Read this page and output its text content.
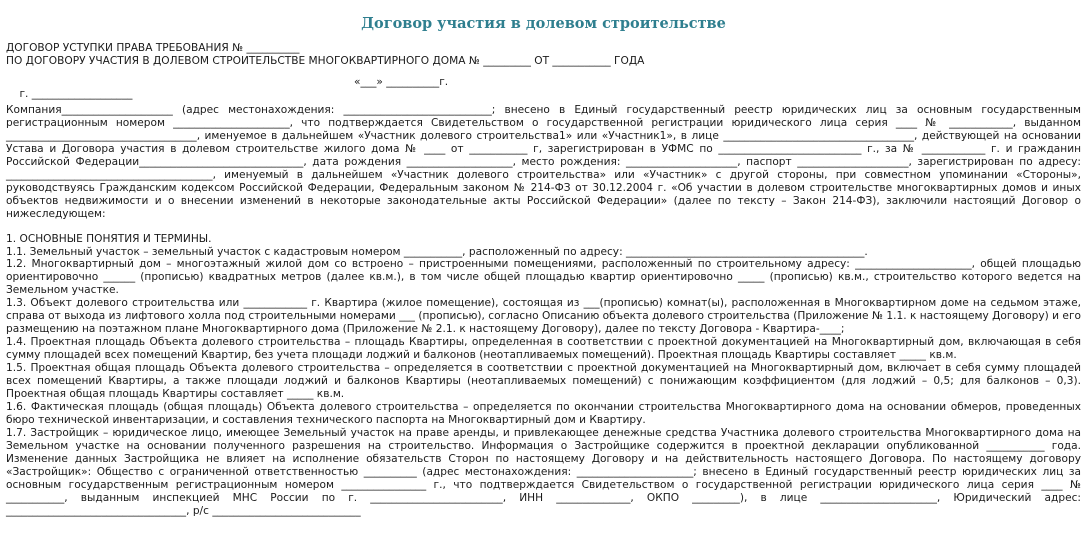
Договор участия в долевом строительстве
ДОГОВОР УСТУПКИ ПРАВА ТРЕБОВАНИЯ № __________
ПО ДОГОВОРУ УЧАСТИЯ В ДОЛЕВОМ СТРОИТЕЛЬСТВЕ МНОГОКВАРТИРНОГО ДОМА № _________ ОТ ___________ ГОДА

г. ___________________

«___» __________г.

Компания_____________________ (адрес местонахождения: ____________________________; внесено в Единый государственный реестр юридических лиц за основным государственным регистрационным номером ______________________, что подтверждается Свидетельством о государственной регистрации юридического лица серия ____ № ____________, выданном ____________________________________, именуемое в дальнейшем «Участник долевого строительства1» или «Участник1», в лице ____________________________________, действующей на основании Устава и Договора участия в долевом строительстве жилого дома № ____ от ___________ г, зарегистрирован в УФМС по ___________________________ г., за № ____________ г. и гражданин Российской Федерации_______________________________, дата рождения ____________________, место рождения: _____________________, паспорт _____________________, зарегистрирован по адресу: _______________________________________, именуемый в дальнейшем «Участник долевого строительства» или «Участник» с другой стороны, при совместном упоминании «Стороны», руководствуясь Гражданским кодексом Российской Федерации, Федеральным законом № 214-ФЗ от 30.12.2004 г. «Об участии в долевом строительстве многоквартирных домов и иных объектов недвижимости и о внесении изменений в некоторые законодательные акты Российской Федерации» (далее по тексту – Закон 214-ФЗ), заключили настоящий Договор о нижеследующем:

1. ОСНОВНЫЕ ПОНЯТИЯ И ТЕРМИНЫ.

1.1. Земельный участок – земельный участок с кадастровым номером ___________, расположенный по адресу: _____________________________________________.

1.2. Многоквартирный дом – многоэтажный жилой дом со встроено – пристроенными помещениями, расположенный по строительному адресу: ______________________, общей площадью ориентировочно ______ (прописью) квадратных метров (далее кв.м.), в том числе общей площадью квартир ориентировочно _____ (прописью) кв.м., строительство которого ведется на Земельном участке.

1.3. Объект долевого строительства или ____________ г. Квартира (жилое помещение), состоящая из ___(прописью) комнат(ы), расположенная в Многоквартирном доме на седьмом этаже, справа от выхода из лифтового холла под строительными номерами ___ (прописью), согласно Описанию объекта долевого строительства (Приложение № 1.1. к настоящему Договору) и его размещению на поэтажном плане Многоквартирного дома (Приложение № 2.1. к настоящему Договору), далее по тексту Договора - Квартира-____;

1.4. Проектная площадь Объекта долевого строительства – площадь Квартиры, определенная в соответствии с проектной документацией на Многоквартирный дом, включающая в себя сумму площадей всех помещений Квартир, без учета площади лоджий и балконов (неотапливаемых помещений). Проектная площадь Квартиры составляет _____ кв.м.

1.5. Проектная общая площадь Объекта долевого строительства – определяется в соответствии с проектной документацией на Многоквартирный дом, включает в себя сумму площадей всех помещений Квартиры, а также площади лоджий и балконов Квартиры (неотапливаемых помещений) с понижающим коэффициентом (для лоджий – 0,5; для балконов – 0,3). Проектная общая площадь Квартиры составляет _____ кв.м.

1.6. Фактическая площадь (общая площадь) Объекта долевого строительства – определяется по окончании строительства Многоквартирного дома на основании обмеров, проведенных бюро технической инвентаризации, и составления технического паспорта на Многоквартирный дом и Квартиру.

1.7. Застройщик – юридическое лицо, имеющее Земельный участок на праве аренды, и привлекающее денежные средства Участника долевого строительства Многоквартирного дома на Земельном участке на основании полученного разрешения на строительство. Информация о Застройщике содержится в проектной декларации опубликованной ___________ года. Изменение данных Застройщика не влияет на исполнение обязательств Сторон по настоящему Договору и на действительность настоящего Договора. По настоящему договору «Застройщик»: Общество с ограниченной ответственностью __________ (адрес местонахождения: ______________________; внесено в Единый государственный реестр юридических лиц за основным государственным регистрационным номером ________________ г., что подтверждается Свидетельством о государственной регистрации юридического лица серия ____ № ___________, выданным инспекцией МНС России по г. _________________________, ИНН ______________, ОКПО _________), в лице ______________________, Юридический адрес: __________________________________, р/с ____________________________
